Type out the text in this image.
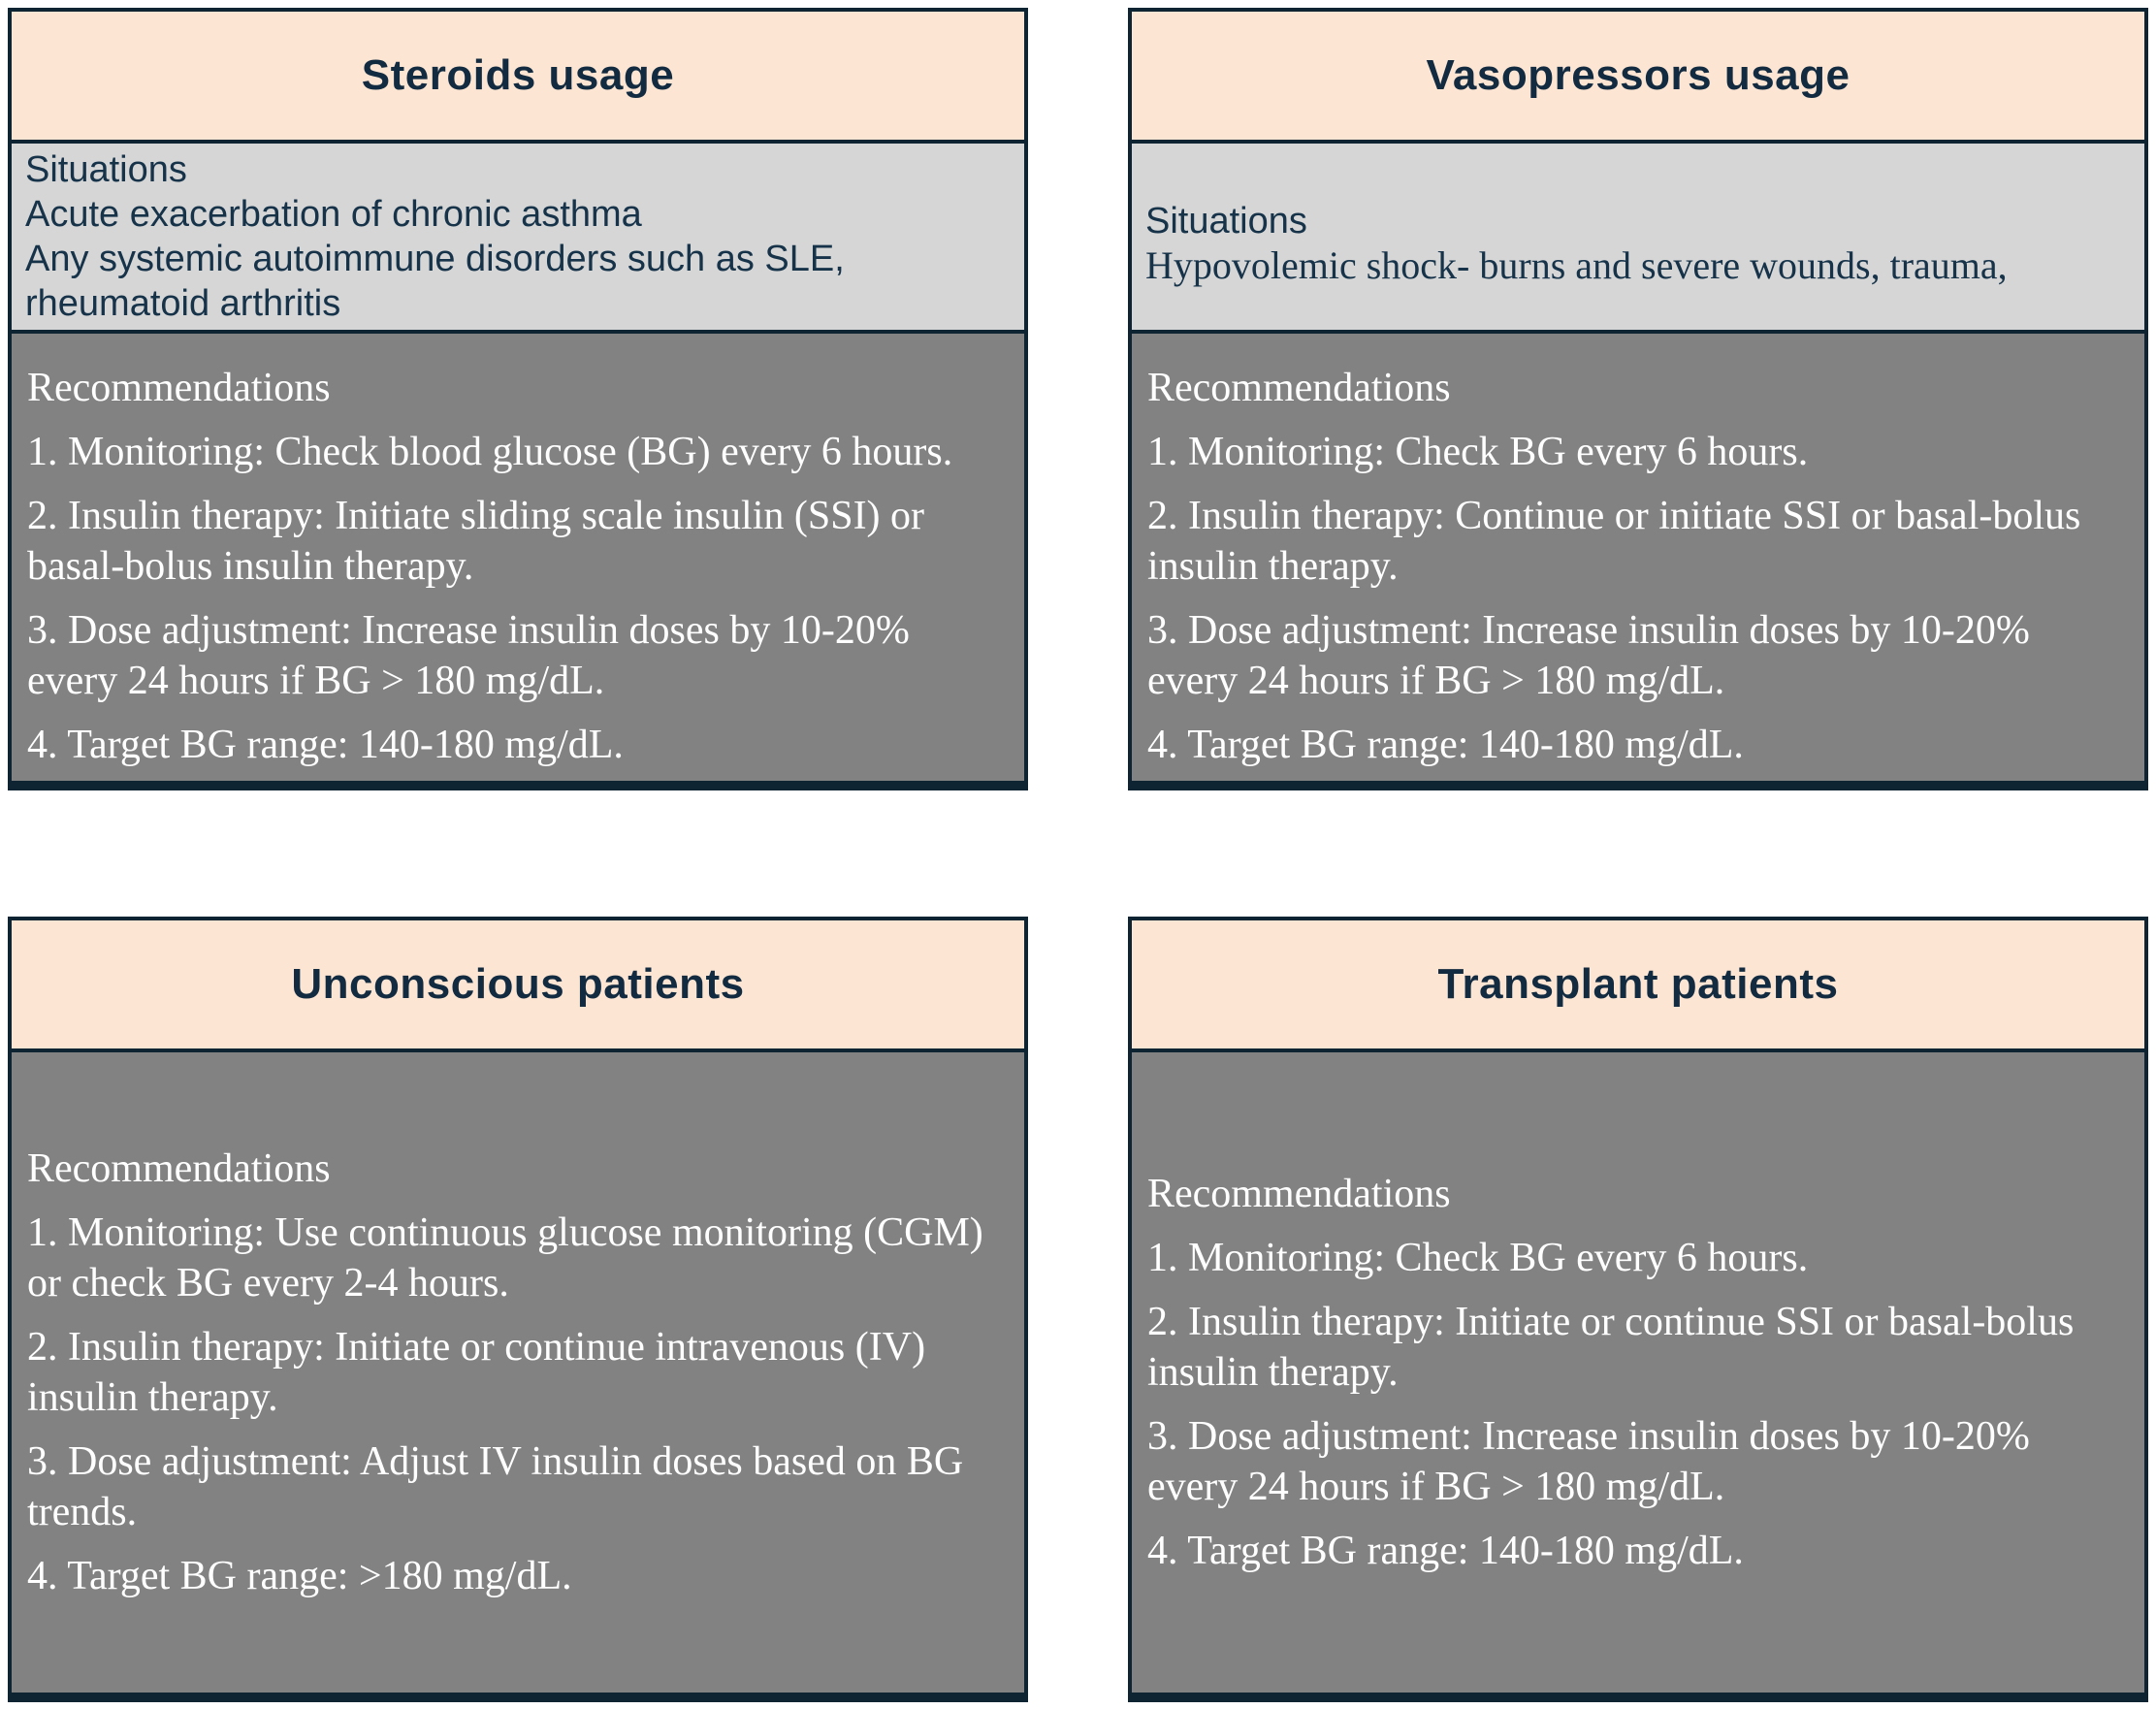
Steroids usage
Situations
Acute exacerbation of chronic asthma
Any systemic autoimmune disorders such as SLE, rheumatoid arthritis

Recommendations

1. Monitoring: Check blood glucose (BG) every 6 hours.

2. Insulin therapy: Initiate sliding scale insulin (SSI) or basal-bolus insulin therapy.

3. Dose adjustment: Increase insulin doses by 10-20% every 24 hours if BG > 180 mg/dL.

4. Target BG range: 140-180 mg/dL.

Vasopressors usage
Situations
Hypovolemic shock- burns and severe wounds, trauma,

Recommendations

1. Monitoring: Check BG every 6 hours.

2. Insulin therapy: Continue or initiate SSI or basal-bolus insulin therapy.

3. Dose adjustment: Increase insulin doses by 10-20% every 24 hours if BG > 180 mg/dL.

4. Target BG range: 140-180 mg/dL.

Unconscious patients

Recommendations

1. Monitoring: Use continuous glucose monitoring (CGM) or check BG every 2-4 hours.

2. Insulin therapy: Initiate or continue intravenous (IV) insulin therapy.

3. Dose adjustment: Adjust IV insulin doses based on BG trends.

4. Target BG range: >180 mg/dL.

Transplant patients

Recommendations

1. Monitoring: Check BG every 6 hours.

2. Insulin therapy: Initiate or continue SSI or basal-bolus insulin therapy.

3. Dose adjustment: Increase insulin doses by 10-20% every 24 hours if BG > 180 mg/dL.

4. Target BG range: 140-180 mg/dL.
